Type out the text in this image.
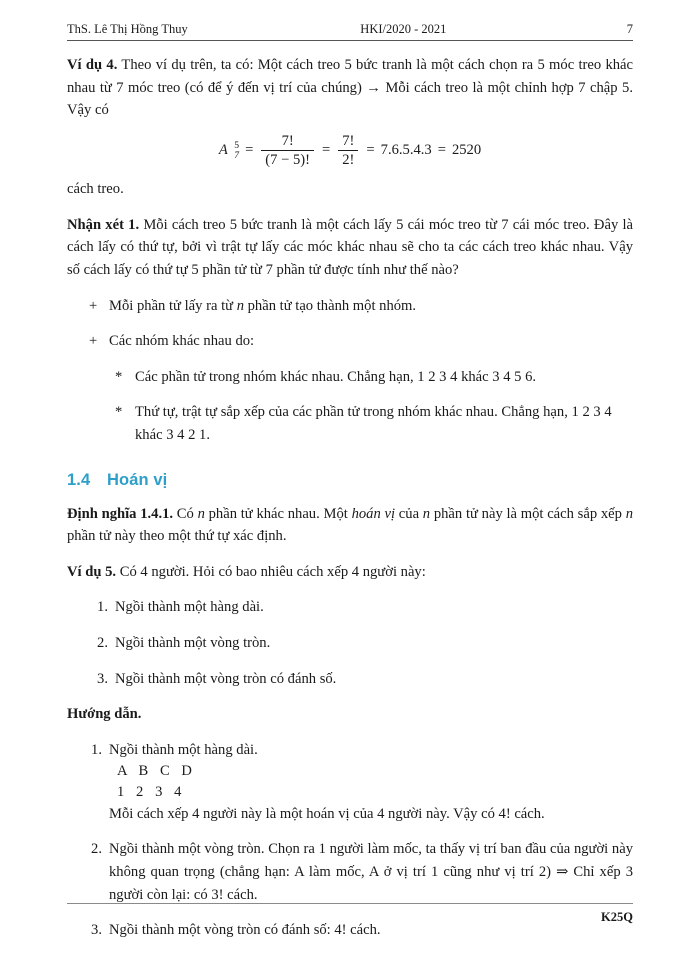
ThS. Lê Thị Hồng Thuy	HKI/2020 - 2021	7

Ví dụ 4. Theo ví dụ trên, ta có: Một cách treo 5 bức tranh là một cách chọn ra 5 móc treo khác nhau từ 7 móc treo (có để ý đến vị trí của chúng) → Mỗi cách treo là một chỉnh hợp 7 chập 5. Vậy có

A 5
$7 = \frac{7!}{(7 - 5)!} = \frac{7!}{2!} = 7.6.5.4.3 = 2520$

cách treo.

Nhận xét 1. Mỗi cách treo 5 bức tranh là một cách lấy 5 cái móc treo từ 7 cái móc treo. Đây là cách lấy có thứ tự, bởi vì trật tự lấy các móc khác nhau sẽ cho ta các cách treo khác nhau. Vậy số cách lấy có thứ tự 5 phần tử từ 7 phần tử được tính như thế nào?

+ Mỗi phần tử lấy ra từ n phần tử tạo thành một nhóm.
+ Các nhóm khác nhau do:
* Các phần tử trong nhóm khác nhau. Chẳng hạn, 1 2 3 4 khác 3 4 5 6.
* Thứ tự, trật tự sắp xếp của các phần tử trong nhóm khác nhau. Chẳng hạn, 1 2 3 4 khác 3 4 2 1.
1.4	Hoán vị

Định nghĩa 1.4.1. Có n phần tử khác nhau. Một hoán vị của n phần tử này là một cách sắp xếp n phần tử này theo một thứ tự xác định.

Ví dụ 5. Có 4 người. Hỏi có bao nhiêu cách xếp 4 người này:

1. Ngồi thành một hàng dài.
2. Ngồi thành một vòng tròn.
3. Ngồi thành một vòng tròn có đánh số.

Hướng dẫn.

1. Ngồi thành một hàng dài.
A   B   C   D
1   2   3   4
Mỗi cách xếp 4 người này là một hoán vị của 4 người này. Vậy có 4! cách.
2. Ngồi thành một vòng tròn. Chọn ra 1 người làm mốc, ta thấy vị trí ban đầu của người này không quan trọng (chẳng hạn: A làm mốc, A ở vị trí 1 cũng như vị trí 2) ⇒ Chỉ xếp 3 người còn lại: có 3! cách.
3. Ngồi thành một vòng tròn có đánh số: 4! cách.
K25Q
